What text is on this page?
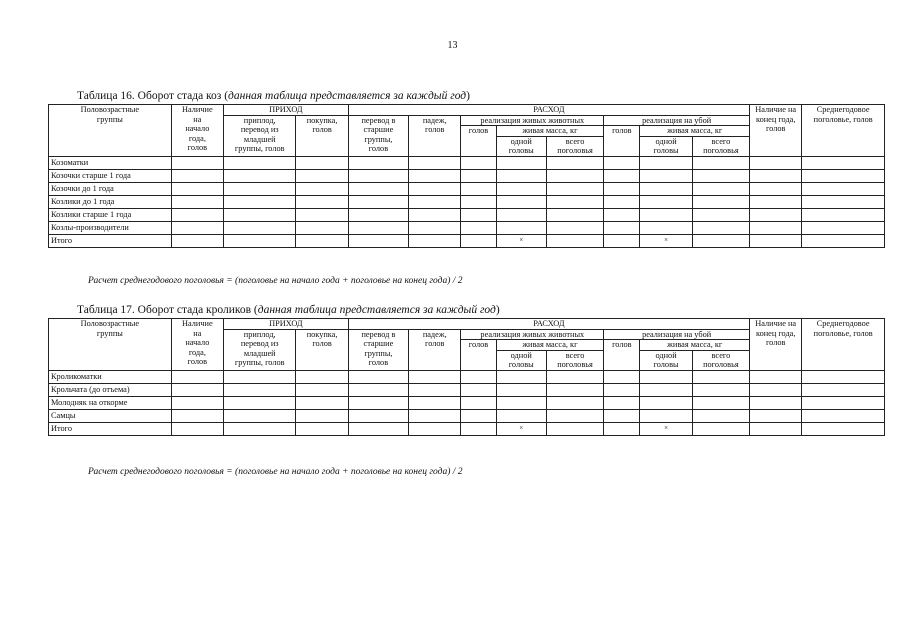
13
Таблица 16. Оборот стада коз (данная таблица представляется за каждый год)
Половозрастные группы	Наличие на начало года, голов	ПРИХОД		РАСХОД								Наличие на конец года, голов	Среднегодовое поголовье, голов

		приплод, перевод из младшей группы, голов	покупка, голов	перевод в старшие группы, голов	падеж, голов	реализация живых животных			реализация на убой				
						голов	живая масса, кг		голов	живая масса, кг			

							одной головы	всего поголовья		одной головы	всего поголовья		

Козоматки													
Козочки старше 1 года													
Козочки до 1 года													
Козлики до 1 года													
Козлики старше 1 года													
Козлы-производители													
Итого							×			×			
Расчет среднегодового поголовья = (поголовье на начало года + поголовье на конец года) / 2
Таблица 17. Оборот стада кроликов (данная таблица представляется за каждый год)
Половозрастные группы	Наличие на начало года, голов	ПРИХОД		РАСХОД								Наличие на конец года, голов	Среднегодовое поголовье, голов

		приплод, перевод из младшей группы, голов	покупка, голов	перевод в старшие группы, голов	падеж, голов	реализация живых животных			реализация на убой				
						голов	живая масса, кг		голов	живая масса, кг			

							одной головы	всего поголовья		одной головы	всего поголовья		

Кроликоматки													
Крольчата (до отъема)													
Молодняк на откорме													
Самцы													
Итого							×			×			
Расчет среднегодового поголовья = (поголовье на начало года + поголовье на конец года) / 2
